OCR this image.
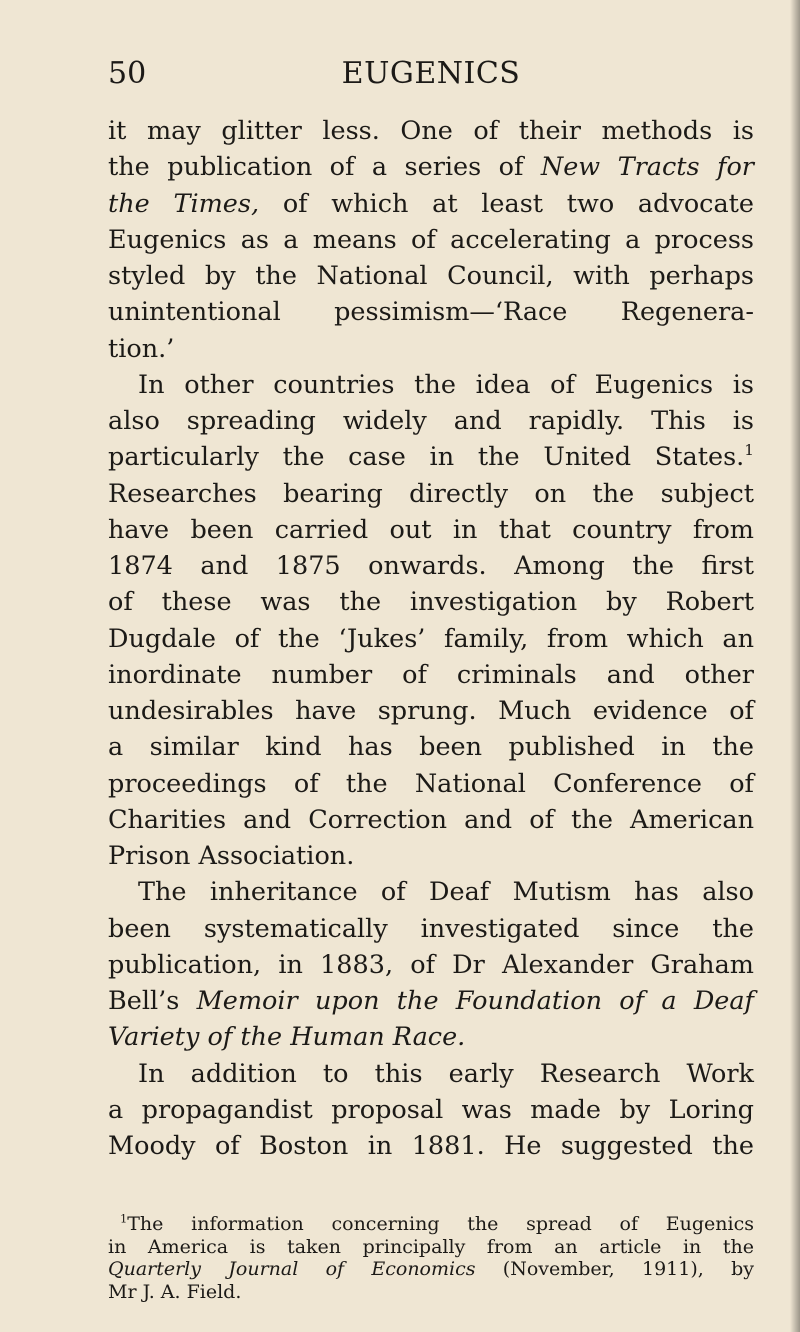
50	EUGENICS
it may glitter less. One of their methods is
the publication of a series of New Tracts for
the Times, of which at least two advocate
Eugenics as a means of accelerating a process
styled by the National Council, with perhaps
unintentional pessimism—‘Race Regenera-
tion.’
In other countries the idea of Eugenics is
also spreading widely and rapidly. This is
particularly the case in the United States.$^1$
Researches bearing directly on the subject
have been carried out in that country from
1874 and 1875 onwards. Among the first
of these was the investigation by Robert
Dugdale of the ‘Jukes’ family, from which an
inordinate number of criminals and other
undesirables have sprung. Much evidence of
a similar kind has been published in the
proceedings of the National Conference of
Charities and Correction and of the American
Prison Association.
The inheritance of Deaf Mutism has also
been systematically investigated since the
publication, in 1883, of Dr Alexander Graham
Bell’s Memoir upon the Foundation of a Deaf
Variety of the Human Race.
In addition to this early Research Work
a propagandist proposal was made by Loring
Moody of Boston in 1881. He suggested the
$^1$The information concerning the spread of Eugenics
in America is taken principally from an article in the
Quarterly Journal of Economics (November, 1911), by
Mr J. A. Field.
